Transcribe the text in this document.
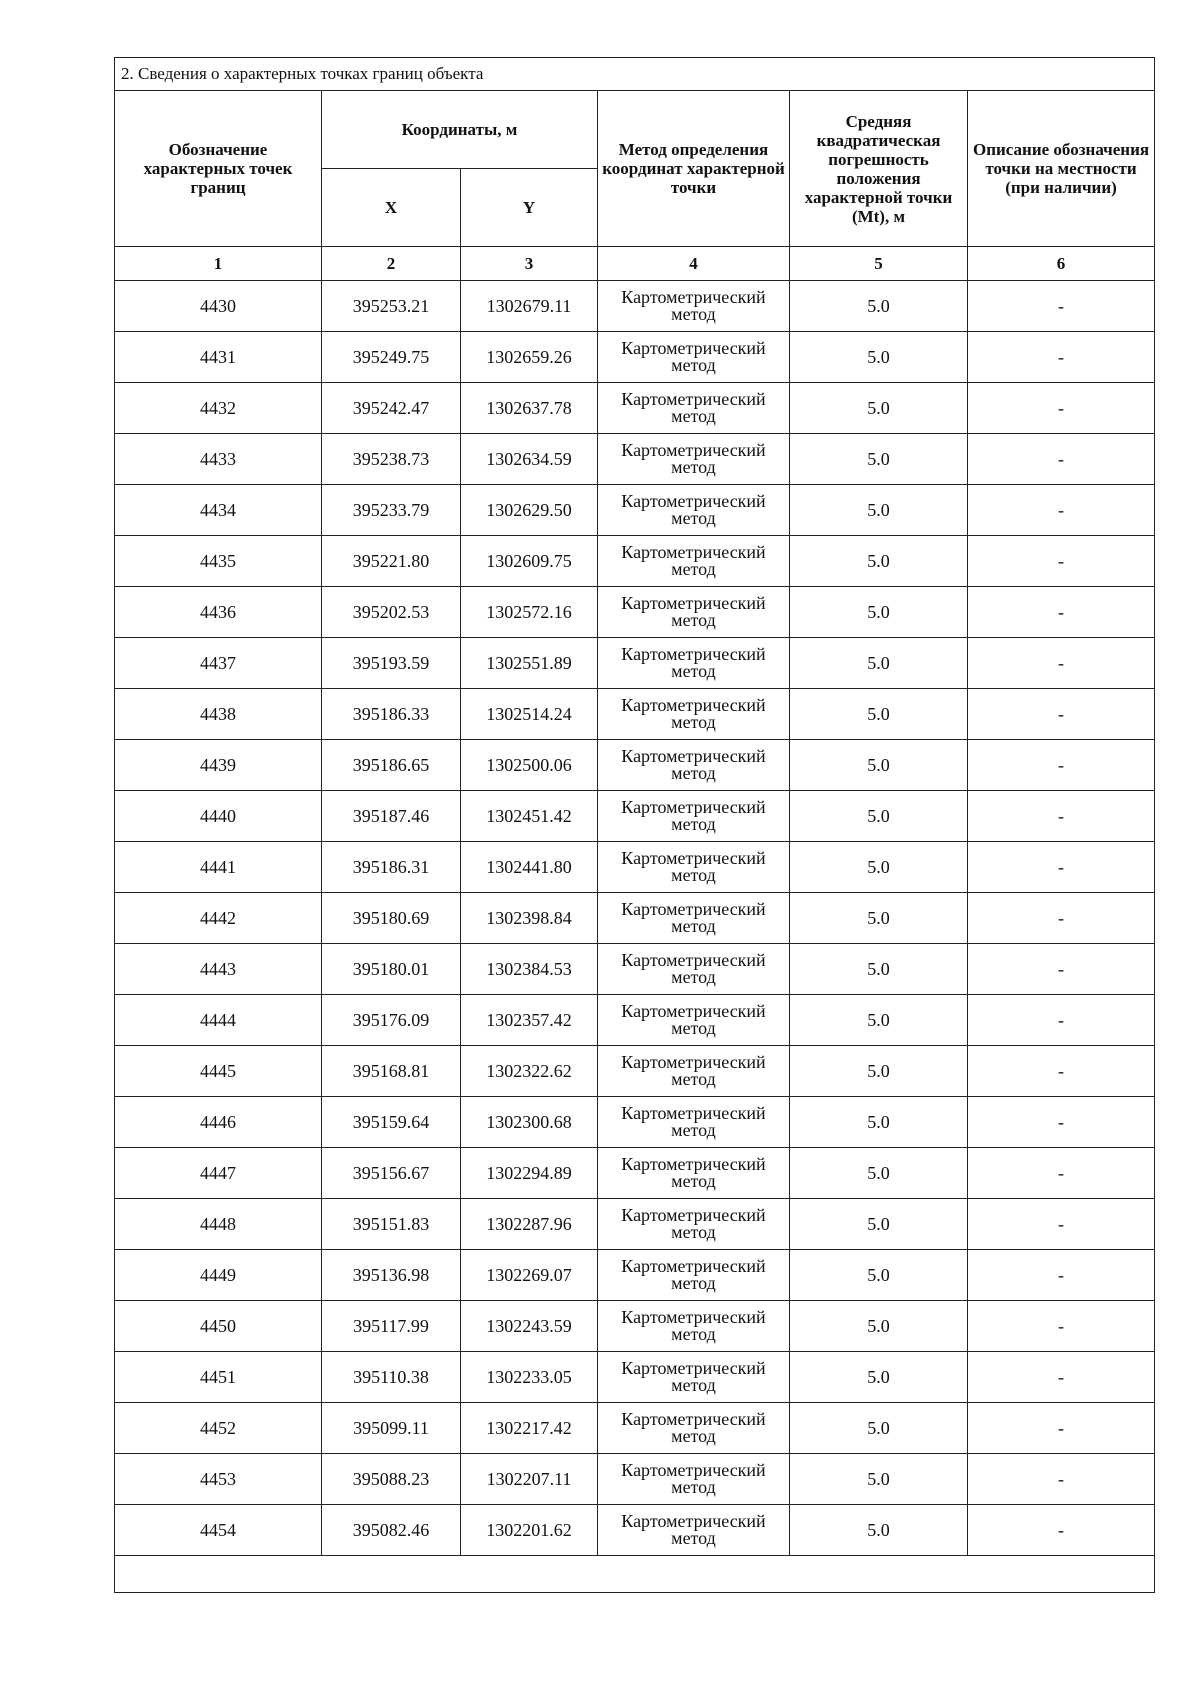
2. Сведения о характерных точках границ объекта					
Обозначение характерных точек границ	Координаты, м		Метод определения координат характерной точки	Средняя квадратическая погрешность положения характерной точки (Mt), м	Описание обозначения точки на местности (при наличии)
	X	Y			
1	2	3	4	5	6
4430	395253.21	1302679.11	Картометрический метод	5.0	-
4431	395249.75	1302659.26	Картометрический метод	5.0	-
4432	395242.47	1302637.78	Картометрический метод	5.0	-
4433	395238.73	1302634.59	Картометрический метод	5.0	-
4434	395233.79	1302629.50	Картометрический метод	5.0	-
4435	395221.80	1302609.75	Картометрический метод	5.0	-
4436	395202.53	1302572.16	Картометрический метод	5.0	-
4437	395193.59	1302551.89	Картометрический метод	5.0	-
4438	395186.33	1302514.24	Картометрический метод	5.0	-
4439	395186.65	1302500.06	Картометрический метод	5.0	-
4440	395187.46	1302451.42	Картометрический метод	5.0	-
4441	395186.31	1302441.80	Картометрический метод	5.0	-
4442	395180.69	1302398.84	Картометрический метод	5.0	-
4443	395180.01	1302384.53	Картометрический метод	5.0	-
4444	395176.09	1302357.42	Картометрический метод	5.0	-
4445	395168.81	1302322.62	Картометрический метод	5.0	-
4446	395159.64	1302300.68	Картометрический метод	5.0	-
4447	395156.67	1302294.89	Картометрический метод	5.0	-
4448	395151.83	1302287.96	Картометрический метод	5.0	-
4449	395136.98	1302269.07	Картометрический метод	5.0	-
4450	395117.99	1302243.59	Картометрический метод	5.0	-
4451	395110.38	1302233.05	Картометрический метод	5.0	-
4452	395099.11	1302217.42	Картометрический метод	5.0	-
4453	395088.23	1302207.11	Картометрический метод	5.0	-
4454	395082.46	1302201.62	Картометрический метод	5.0	-
